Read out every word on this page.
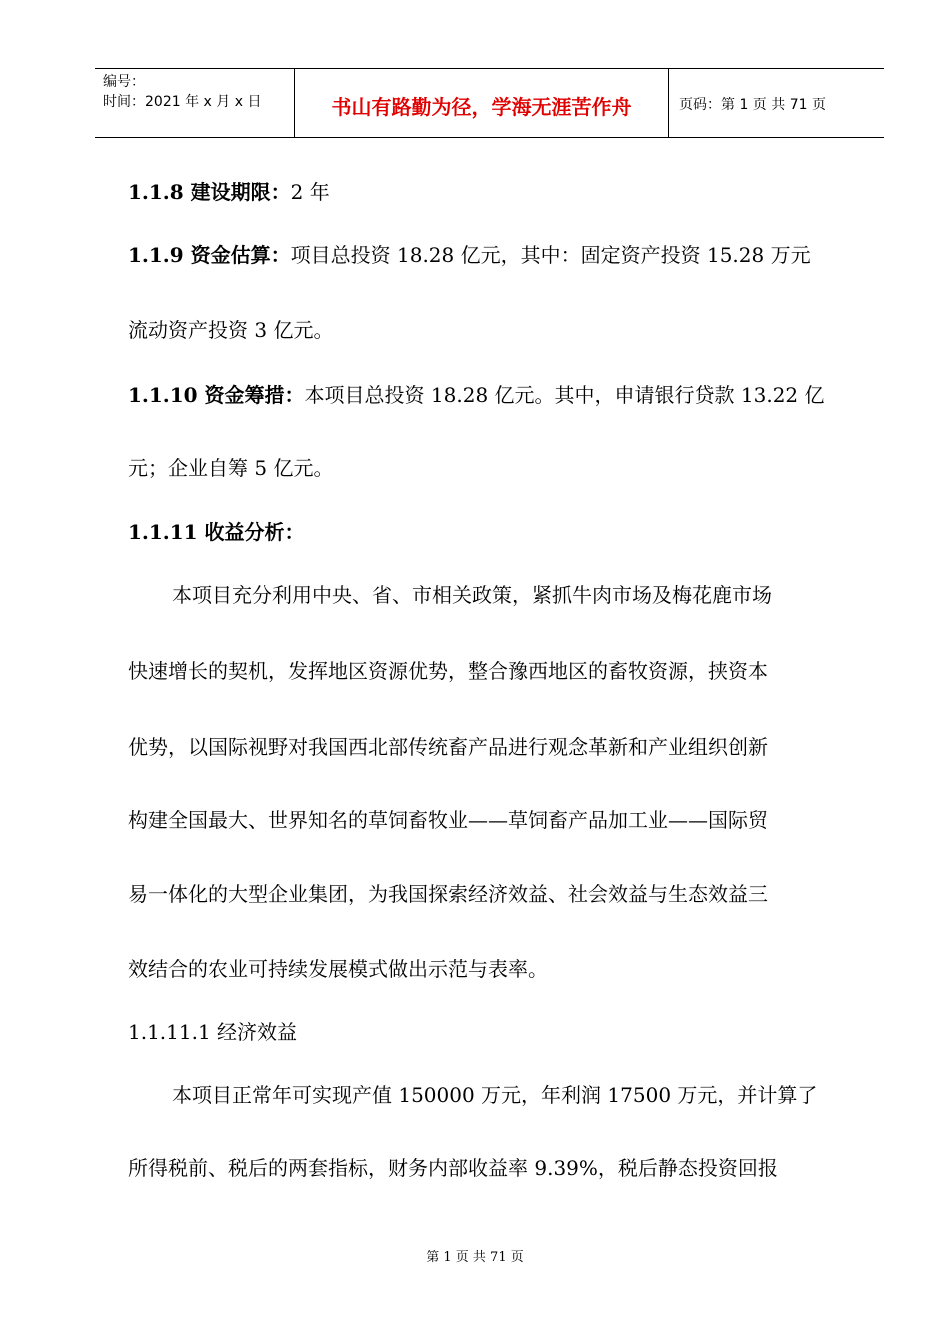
编号：
时间：2021 年 x 月 x 日	书山有路勤为径，学海无涯苦作舟	页码：第 1 页 共 71 页
1.1.8 建设期限：2 年
1.1.9 资金估算：项目总投资 18.28 亿元，其中：固定资产投资 15.28 万元
流动资产投资 3 亿元。
1.1.10 资金筹措：本项目总投资 18.28 亿元。其中，申请银行贷款 13.22 亿
元；企业自筹 5 亿元。
1.1.11 收益分析：
本项目充分利用中央、省、市相关政策，紧抓牛肉市场及梅花鹿市场
快速增长的契机，发挥地区资源优势，整合豫西地区的畜牧资源，挟资本
优势，以国际视野对我国西北部传统畜产品进行观念革新和产业组织创新
构建全国最大、世界知名的草饲畜牧业——草饲畜产品加工业——国际贸
易一体化的大型企业集团，为我国探索经济效益、社会效益与生态效益三
效结合的农业可持续发展模式做出示范与表率。
1.1.11.1 经济效益
本项目正常年可实现产值 150000 万元，年利润 17500 万元，并计算了
所得税前、税后的两套指标，财务内部收益率 9.39%，税后静态投资回报
第 1 页 共 71 页
